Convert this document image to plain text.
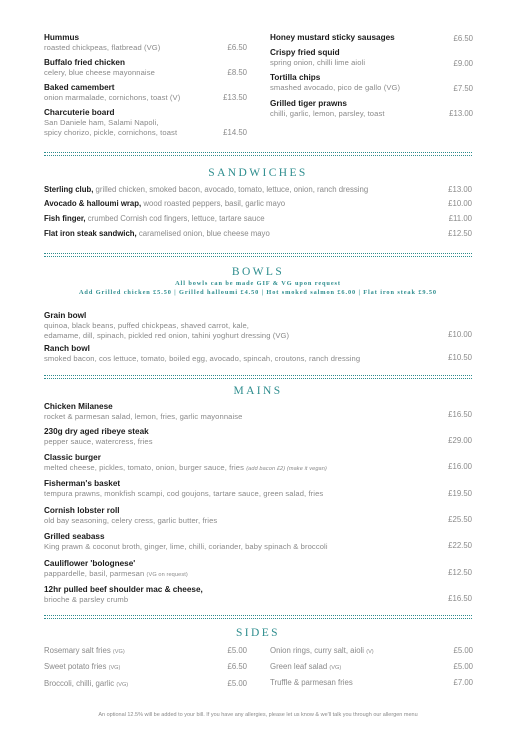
Hummus
roasted chickpeas, flatbread (VG)	£6.50
Buffalo fried chicken
celery, blue cheese mayonnaise	£8.50
Baked camembert
onion marmalade, cornichons, toast (V)	£13.50
Charcuterie board
San Daniele ham, Salami Napoli,
spicy chorizo, pickle, cornichons, toast	£14.50
Honey mustard sticky sausages	£6.50
Crispy fried squid
spring onion, chilli lime aioli	£9.00
Tortilla chips
smashed avocado, pico de gallo (VG)	£7.50
Grilled tiger prawns
chilli, garlic, lemon, parsley, toast	£13.00
SANDWICHES
Sterling club, grilled chicken, smoked bacon, avocado, tomato, lettuce, onion, ranch dressing	£13.00
Avocado & halloumi wrap, wood roasted peppers, basil, garlic mayo	£10.00
Fish finger, crumbed Cornish cod fingers, lettuce, tartare sauce	£11.00
Flat iron steak sandwich, caramelised onion, blue cheese mayo	£12.50
BOWLS
All bowls can be made GIF & VG upon request
Add Grilled chicken £5.50 | Grilled halloumi £4.50 | Hot smoked salmon £6.00 | Flat iron steak £9.50
Grain bowl
quinoa, black beans, puffed chickpeas, shaved carrot, kale,
edamame, dill, spinach, pickled red onion, tahini yoghurt dressing (VG)	£10.00
Ranch bowl
smoked bacon, cos lettuce, tomato, boiled egg, avocado, spincah, croutons, ranch dressing	£10.50
MAINS
Chicken Milanese
rocket & parmesan salad, lemon, fries, garlic mayonnaise	£16.50
230g dry aged ribeye steak
pepper sauce, watercress, fries	£29.00
Classic burger
melted cheese, pickles, tomato, onion, burger sauce, fries (add bacon £2) (make it vegan)	£16.00
Fisherman's basket
tempura prawns, monkfish scampi, cod goujons, tartare sauce, green salad, fries	£19.50
Cornish lobster roll
old bay seasoning, celery cress, garlic butter, fries	£25.50
Grilled seabass
King prawn & coconut broth, ginger, lime, chilli, coriander, baby spinach & broccoli	£22.50
Cauliflower 'bolognese'
pappardelle, basil, parmesan (VG on request)	£12.50
12hr pulled beef shoulder mac & cheese,
brioche & parsley crumb	£16.50
SIDES
Rosemary salt fries (VG)	£5.00
Sweet potato fries (VG)	£6.50
Broccoli, chilli, garlic (VG)	£5.00
Onion rings, curry salt, aioli (V)	£5.00
Green leaf salad (VG)	£5.00
Truffle & parmesan fries	£7.00
An optional 12.5% will be added to your bill. If you have any allergies, please let us know & we'll talk you through our allergen menu
